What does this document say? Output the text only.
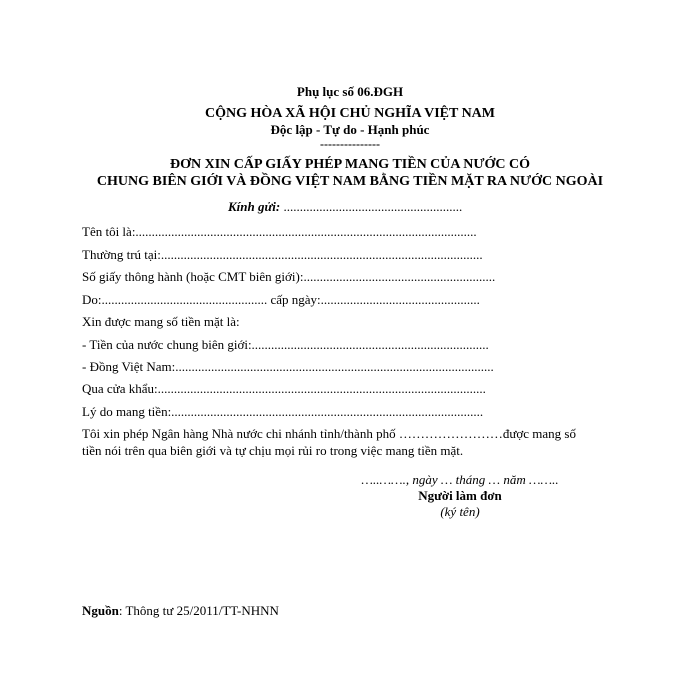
Phụ lục số 06.ĐGH
CỘNG HÒA XÃ HỘI CHỦ NGHĨA VIỆT NAM
Độc lập - Tự do - Hạnh phúc
---------------
ĐƠN XIN CẤP GIẤY PHÉP MANG TIỀN CỦA NƯỚC CÓ
CHUNG BIÊN GIỚI VÀ ĐỒNG VIỆT NAM BẰNG TIỀN MẶT RA NƯỚC NGOÀI
Kính gửi: .......................................................
Tên tôi là:.........................................................................................................
Thường trú tại:...................................................................................................
Số giấy thông hành (hoặc CMT biên giới):...........................................................
Do:................................................... cấp ngày:.................................................
Xin được mang số tiền mặt là:
- Tiền của nước chung biên giới:.........................................................................
- Đồng Việt Nam:..................................................................................................
Qua cửa khẩu:.....................................................................................................
Lý do mang tiền:................................................................................................
Tôi xin phép Ngân hàng Nhà nước chi nhánh tỉnh/thành phố ……………………được mang số
tiền nói trên qua biên giới và tự chịu mọi rủi ro trong việc mang tiền mặt.
…..……., ngày … tháng … năm ……..
Người làm đơn
(ký tên)
Nguồn: Thông tư 25/2011/TT-NHNN
